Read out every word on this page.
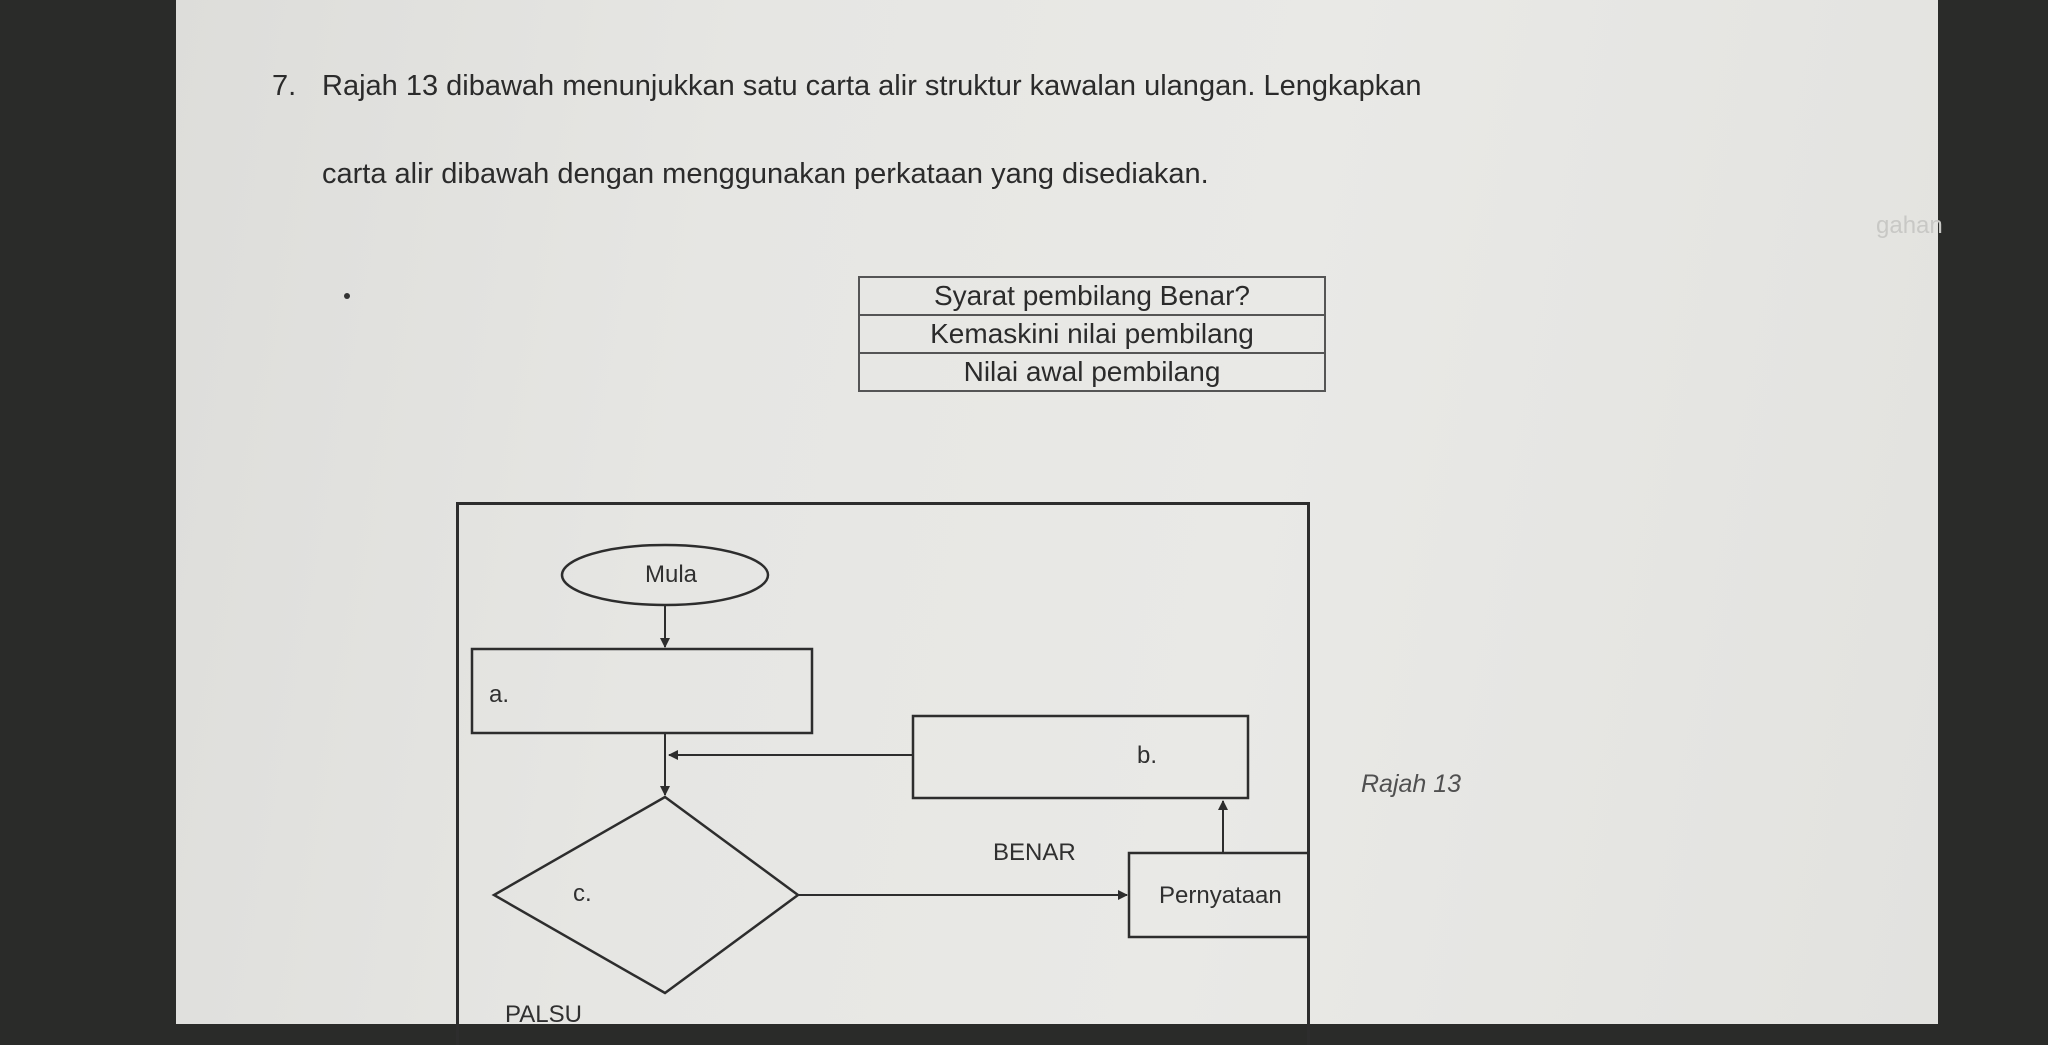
gahan
7. Rajah 13 dibawah menunjukkan satu carta alir struktur kawalan ulangan. Lengkapkan
carta alir dibawah dengan menggunakan perkataan yang disediakan.
Syarat pembilang Benar?
Kemaskini nilai pembilang
Nilai awal pembilang
Mula
a.
b.
c.
BENAR
Pernyataan
PALSU
Rajah 13
